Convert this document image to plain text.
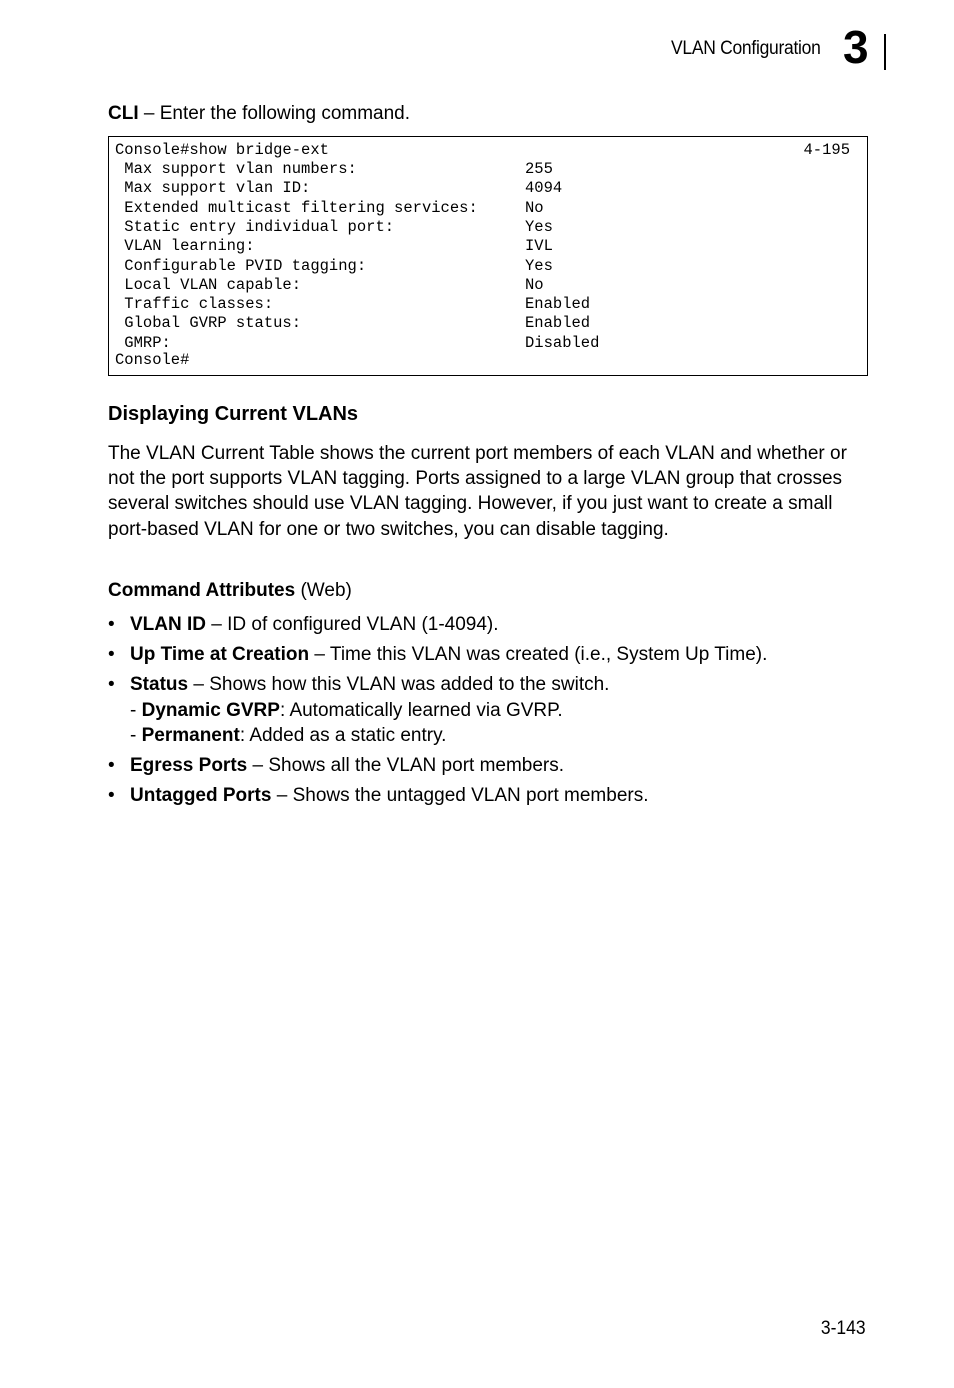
VLAN Configuration 3
CLI – Enter the following command.
Console#show bridge-ext	4-195
Max support vlan numbers:	255
Max support vlan ID:	4094
Extended multicast filtering services:	No
Static entry individual port:	Yes
VLAN learning:	IVL
Configurable PVID tagging:	Yes
Local VLAN capable:	No
Traffic classes:	Enabled
Global GVRP status:	Enabled
GMRP:	Disabled
Console#
Displaying Current VLANs
The VLAN Current Table shows the current port members of each VLAN and whether or not the port supports VLAN tagging. Ports assigned to a large VLAN group that crosses several switches should use VLAN tagging. However, if you just want to create a small port-based VLAN for one or two switches, you can disable tagging.
Command Attributes (Web)
• VLAN ID – ID of configured VLAN (1-4094).
• Up Time at Creation – Time this VLAN was created (i.e., System Up Time).
• Status – Shows how this VLAN was added to the switch.
- Dynamic GVRP: Automatically learned via GVRP.
- Permanent: Added as a static entry.
• Egress Ports – Shows all the VLAN port members.
• Untagged Ports – Shows the untagged VLAN port members.
3-143
